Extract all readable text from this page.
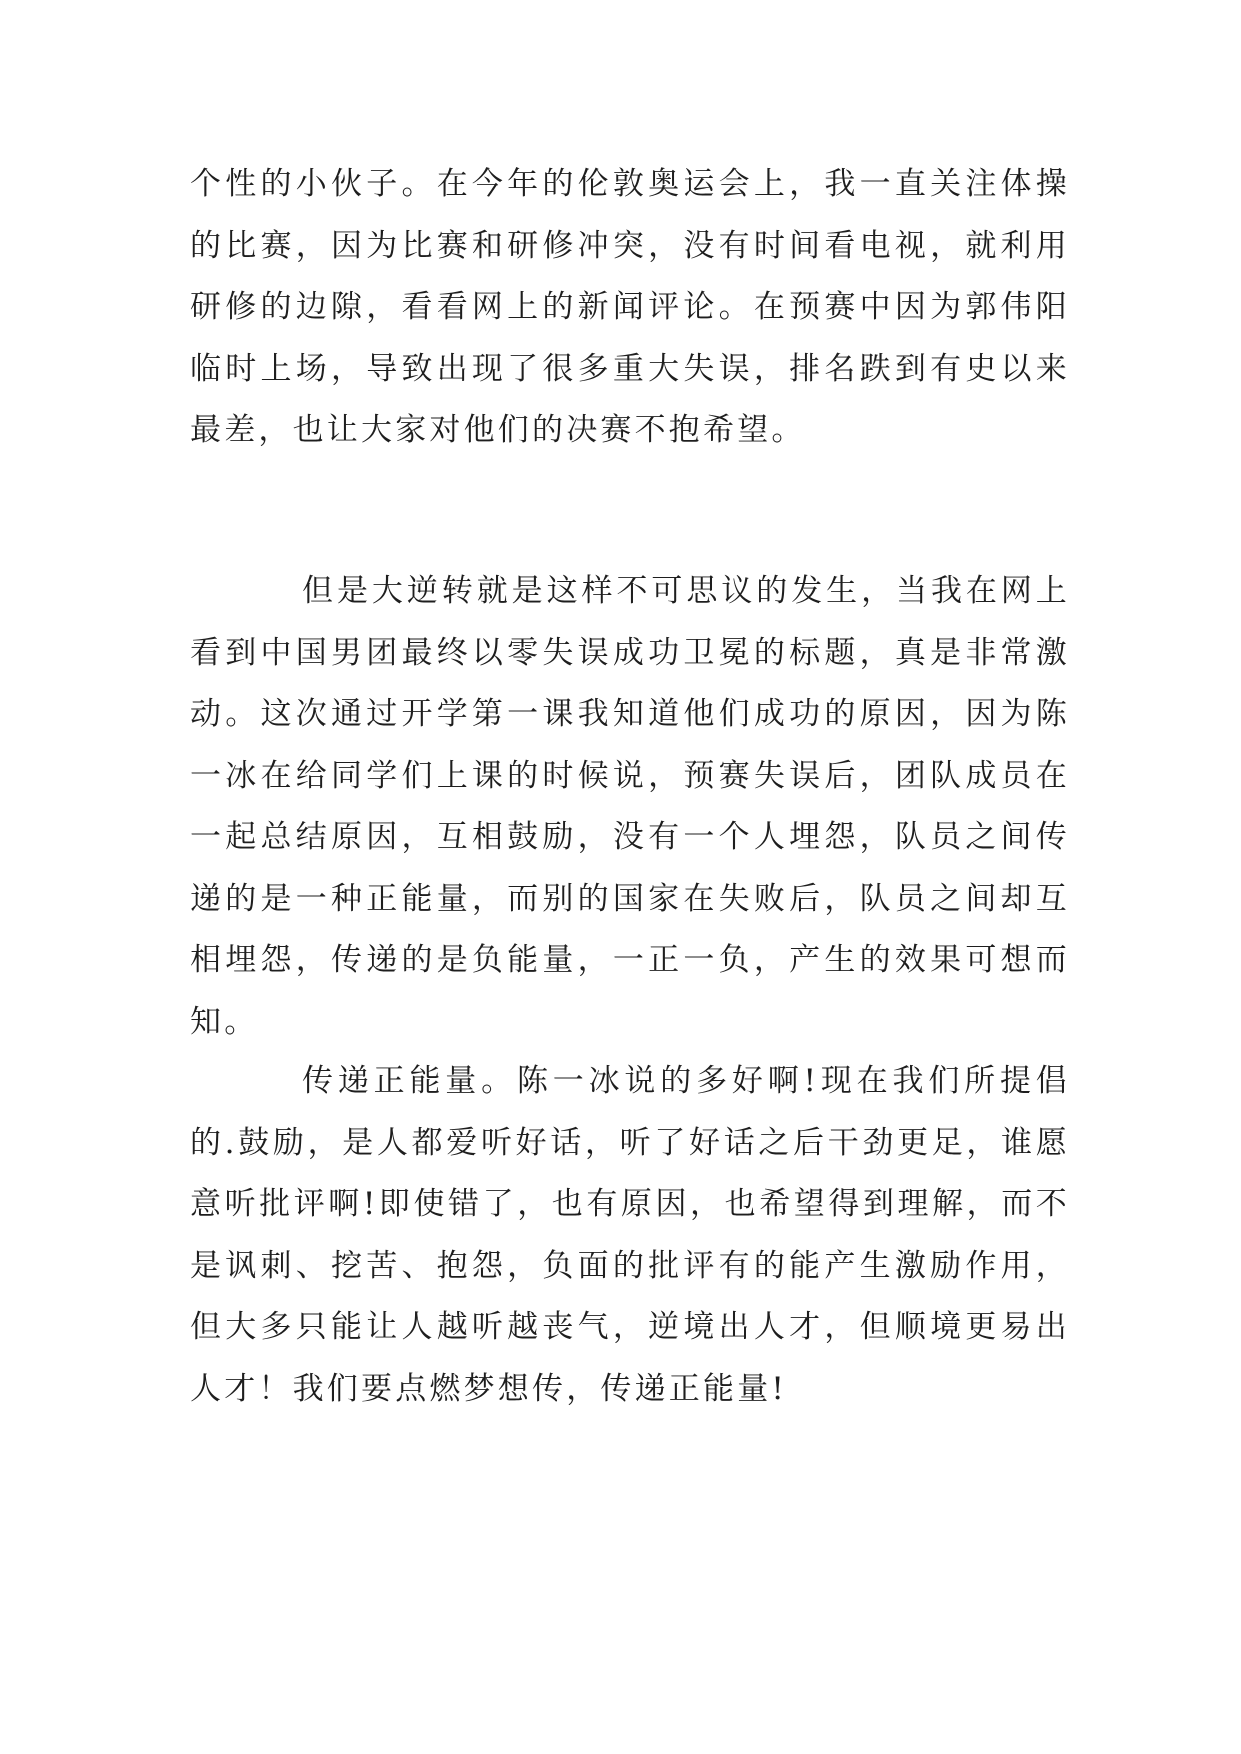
个性的小伙子。在今年的伦敦奥运会上，我一直关注体操的比赛，因为比赛和研修冲突，没有时间看电视，就利用研修的边隙，看看网上的新闻评论。在预赛中因为郭伟阳临时上场，导致出现了很多重大失误，排名跌到有史以来最差，也让大家对他们的决赛不抱希望。

但是大逆转就是这样不可思议的发生，当我在网上看到中国男团最终以零失误成功卫冕的标题，真是非常激动。这次通过开学第一课我知道他们成功的原因，因为陈一冰在给同学们上课的时候说，预赛失误后，团队成员在一起总结原因，互相鼓励，没有一个人埋怨，队员之间传递的是一种正能量，而别的国家在失败后，队员之间却互相埋怨，传递的是负能量，一正一负，产生的效果可想而知。

传递正能量。陈一冰说的多好啊!现在我们所提倡的.鼓励，是人都爱听好话，听了好话之后干劲更足，谁愿意听批评啊!即使错了，也有原因，也希望得到理解，而不是讽刺、挖苦、抱怨，负面的批评有的能产生激励作用，但大多只能让人越听越丧气，逆境出人才，但顺境更易出人才！我们要点燃梦想传，传递正能量!
